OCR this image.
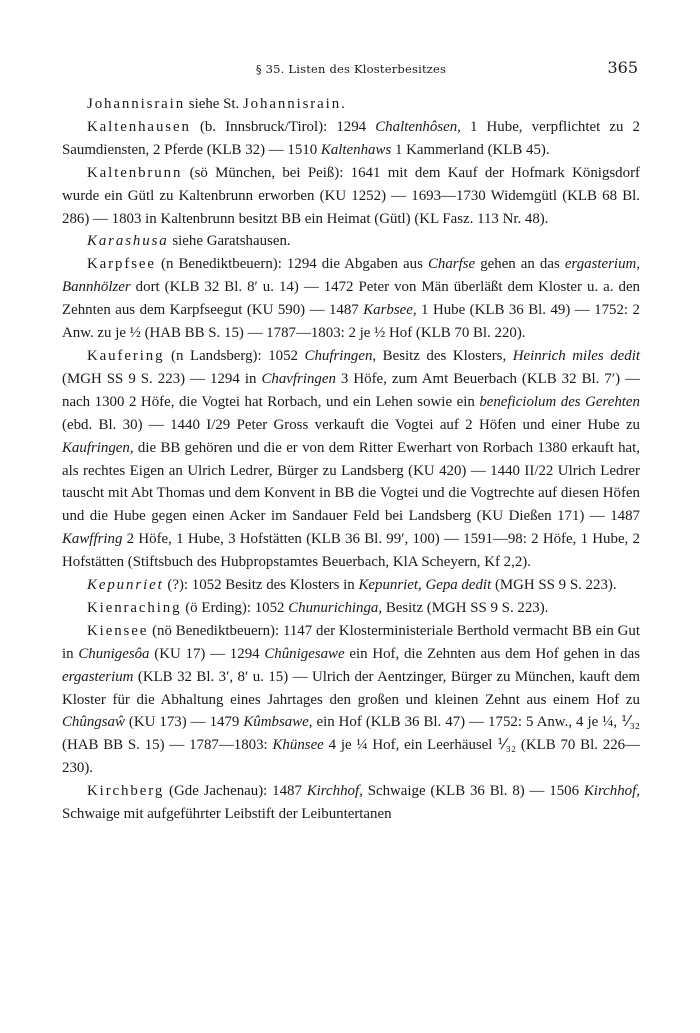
§ 35. Listen des Klosterbesitzes	365

Johannisrain siehe St. Johannisrain.

Kaltenhausen (b. Innsbruck/Tirol): 1294 Chaltenhôsen, 1 Hube, verpflichtet zu 2 Saumdiensten, 2 Pferde (KLB 32) — 1510 Kaltenhaws 1 Kammerland (KLB 45).

Kaltenbrunn (sö München, bei Peiß): 1641 mit dem Kauf der Hofmark Königsdorf wurde ein Gütl zu Kaltenbrunn erworben (KU 1252) — 1693—1730 Widemgütl (KLB 68 Bl. 286) — 1803 in Kaltenbrunn besitzt BB ein Heimat (Gütl) (KL Fasz. 113 Nr. 48).

Karashusa siehe Garatshausen.

Karpfsee (n Benediktbeuern): 1294 die Abgaben aus Charfse gehen an das ergasterium, Bannhölzer dort (KLB 32 Bl. 8′ u. 14) — 1472 Peter von Män überläßt dem Kloster u. a. den Zehnten aus dem Karpfseegut (KU 590) — 1487 Karbsee, 1 Hube (KLB 36 Bl. 49) — 1752: 2 Anw. zu je ½ (HAB BB S. 15) — 1787—1803: 2 je ½ Hof (KLB 70 Bl. 220).

Kaufering (n Landsberg): 1052 Chufringen, Besitz des Klosters, Heinrich miles dedit (MGH SS 9 S. 223) — 1294 in Chavfringen 3 Höfe, zum Amt Beuerbach (KLB 32 Bl. 7′) — nach 1300 2 Höfe, die Vogtei hat Rorbach, und ein Lehen sowie ein beneficiolum des Gerehten (ebd. Bl. 30) — 1440 I/29 Peter Gross verkauft die Vogtei auf 2 Höfen und einer Hube zu Kaufringen, die BB gehören und die er von dem Ritter Ewerhart von Rorbach 1380 erkauft hat, als rechtes Eigen an Ulrich Ledrer, Bürger zu Landsberg (KU 420) — 1440 II/22 Ulrich Ledrer tauscht mit Abt Thomas und dem Konvent in BB die Vogtei und die Vogtrechte auf diesen Höfen und die Hube gegen einen Acker im Sandauer Feld bei Landsberg (KU Dießen 171) — 1487 Kawffring 2 Höfe, 1 Hube, 3 Hofstätten (KLB 36 Bl. 99′, 100) — 1591—98: 2 Höfe, 1 Hube, 2 Hofstätten (Stiftsbuch des Hubpropstamtes Beuerbach, KlA Scheyern, Kf 2,2).

Kepunriet (?): 1052 Besitz des Klosters in Kepunriet, Gepa dedit (MGH SS 9 S. 223).

Kienraching (ö Erding): 1052 Chunurichinga, Besitz (MGH SS 9 S. 223).

Kiensee (nö Benediktbeuern): 1147 der Klosterministeriale Berthold vermacht BB ein Gut in Chunigesôa (KU 17) — 1294 Chûnigesawe ein Hof, die Zehnten aus dem Hof gehen in das ergasterium (KLB 32 Bl. 3′, 8′ u. 15) — Ulrich der Aentzinger, Bürger zu München, kauft dem Kloster für die Abhaltung eines Jahrtages den großen und kleinen Zehnt aus einem Hof zu Chûngsaŵ (KU 173) — 1479 Kûmbsawe, ein Hof (KLB 36 Bl. 47) — 1752: 5 Anw., 4 je ¼, ⅟₃₂ (HAB BB S. 15) — 1787—1803: Khünsee 4 je ¼ Hof, ein Leerhäusel ⅟₃₂ (KLB 70 Bl. 226—230).

Kirchberg (Gde Jachenau): 1487 Kirchhof, Schwaige (KLB 36 Bl. 8) — 1506 Kirchhof, Schwaige mit aufgeführter Leibstift der Leibuntertanen
